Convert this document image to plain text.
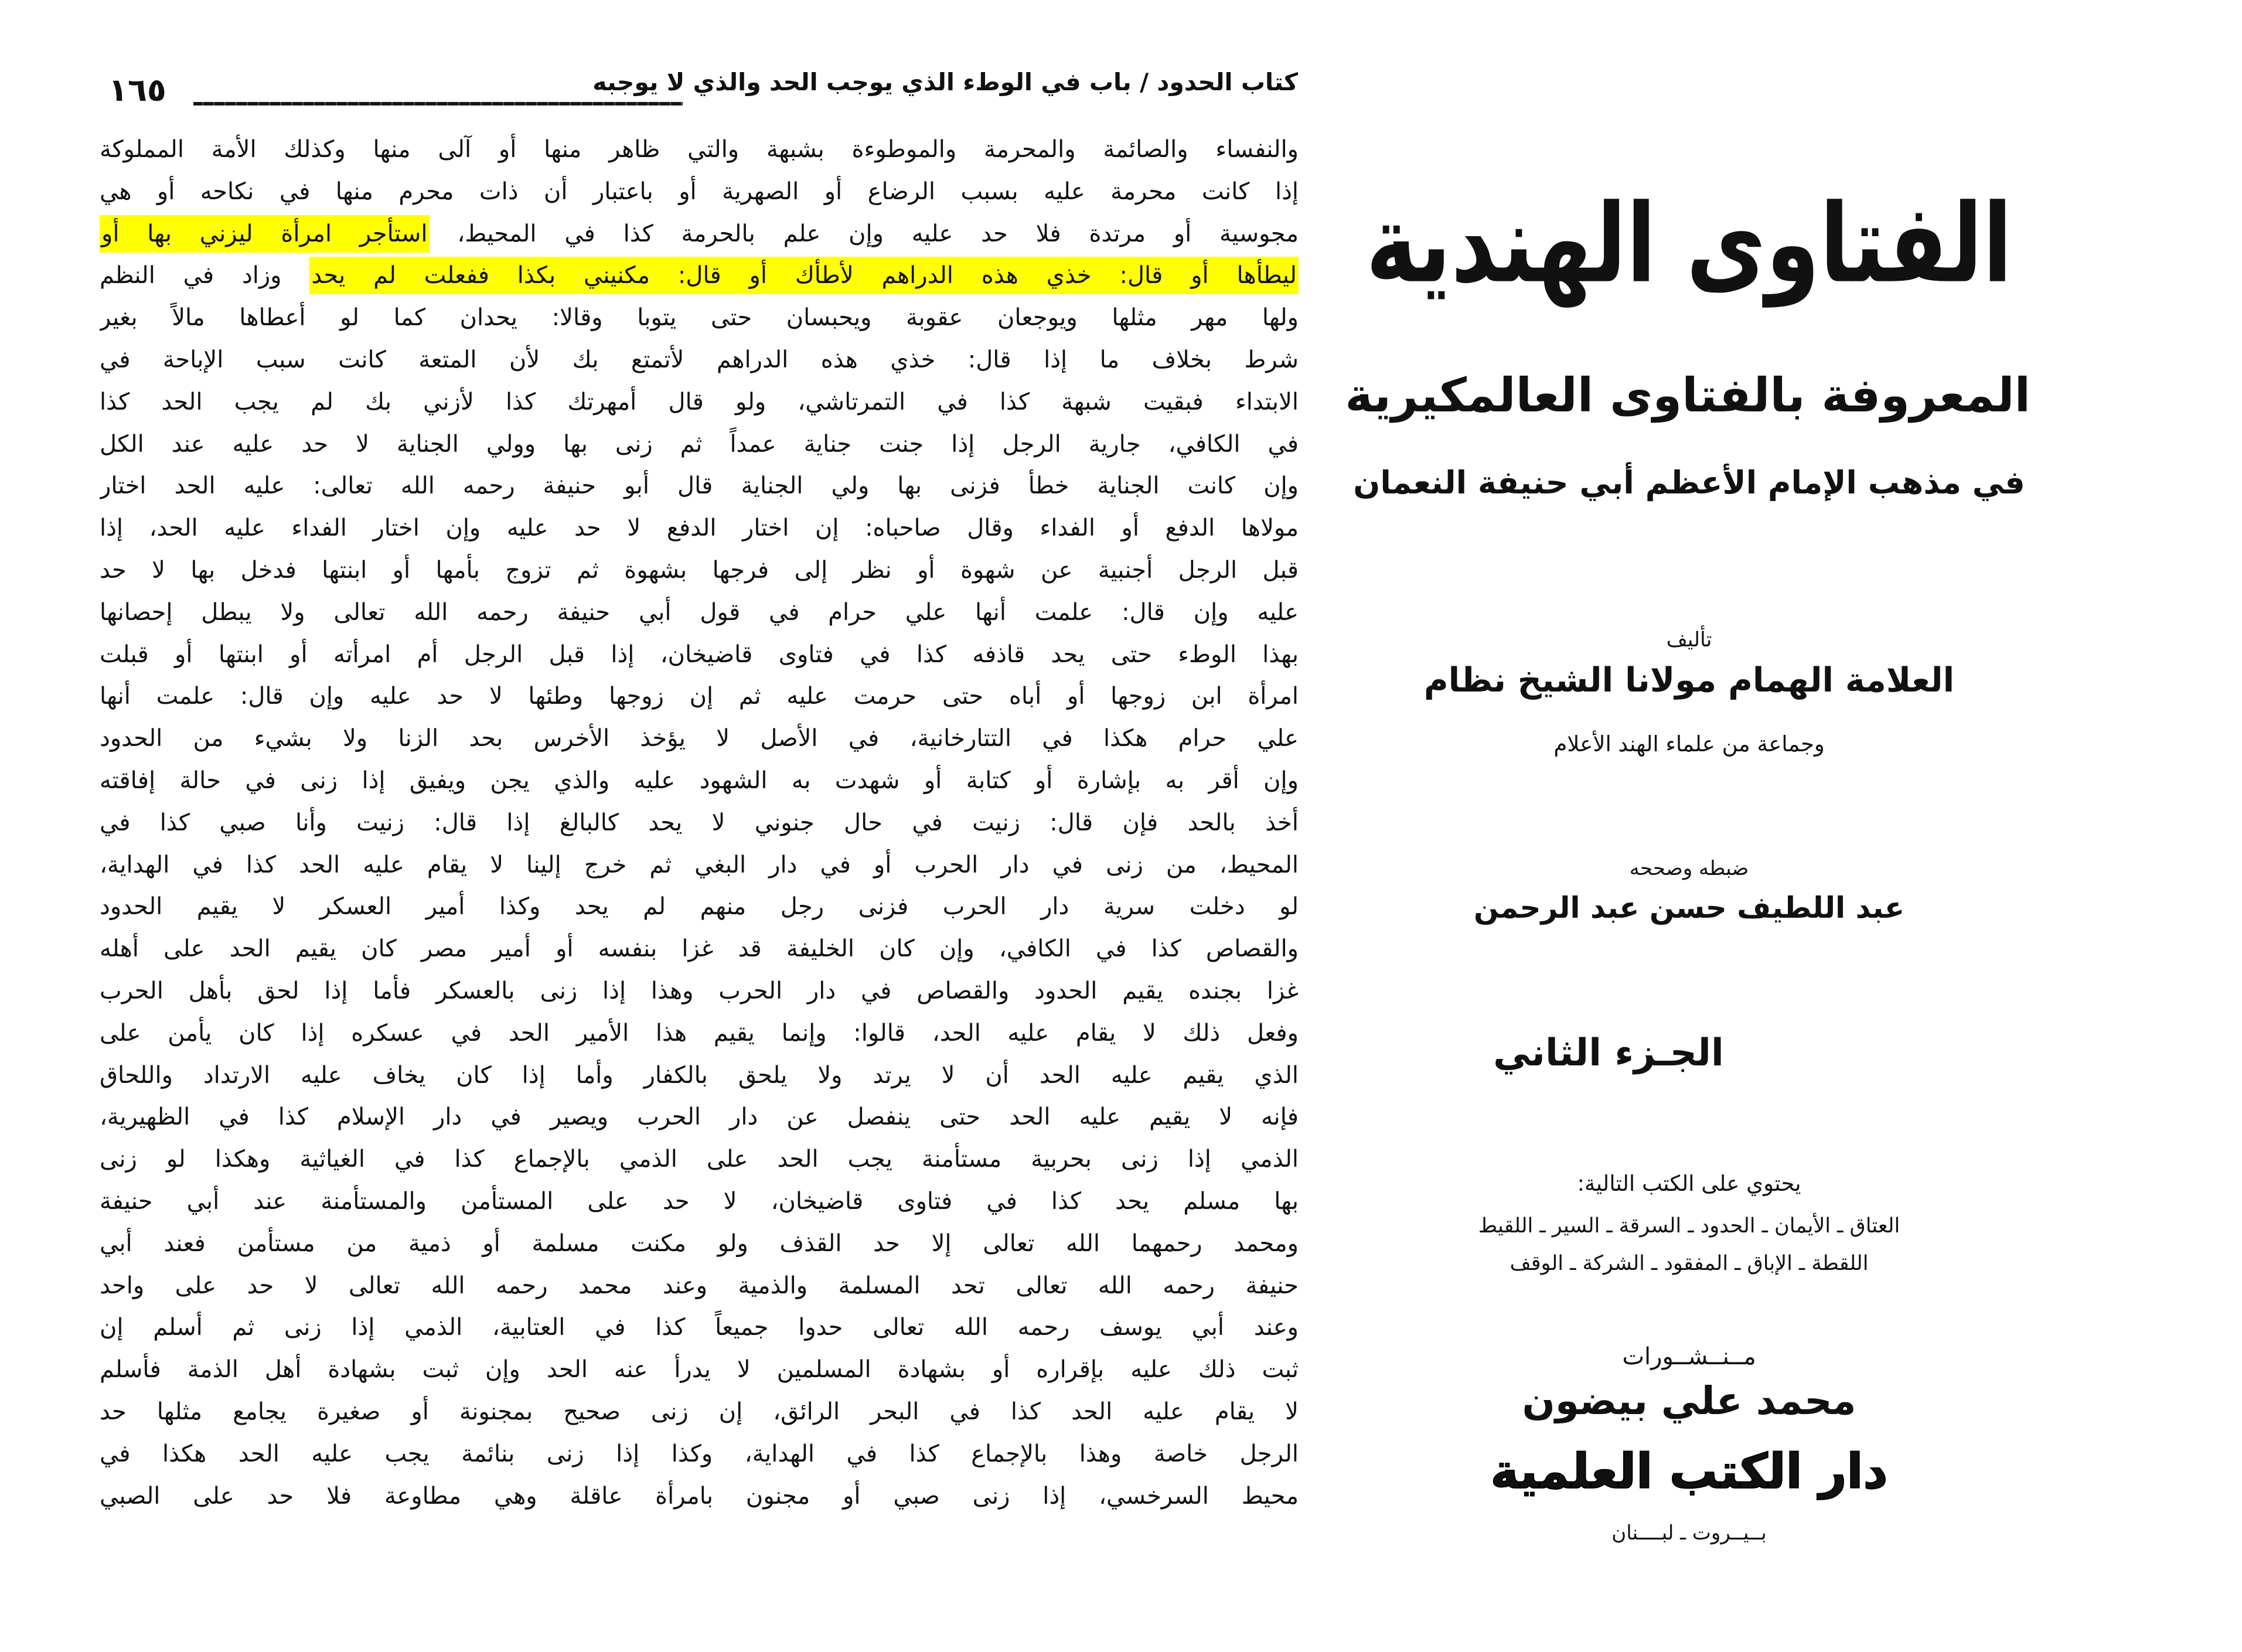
١٦٥	كتاب الحدود / باب في الوطء الذي يوجب الحد والذي لا يوجبه
والنفساء والصائمة والمحرمة والموطوءة بشبهة والتي ظاهر منها أو آلى منها وكذلك الأمة المملوكة
إذا كانت محرمة عليه بسبب الرضاع أو الصهرية أو باعتبار أن ذات محرم منها في نكاحه أو هي
مجوسية أو مرتدة فلا حد عليه وإن علم بالحرمة كذا في المحيط، استأجر امرأة ليزني بها أو
ليطأها أو قال: خذي هذه الدراهم لأطأك أو قال: مكنيني بكذا ففعلت لم يحد وزاد في النظم
ولها مهر مثلها ويوجعان عقوبة ويحبسان حتى يتوبا وقالا: يحدان كما لو أعطاها مالاً بغير
شرط بخلاف ما إذا قال: خذي هذه الدراهم لأتمتع بك لأن المتعة كانت سبب الإباحة في
الابتداء فبقيت شبهة كذا في التمرتاشي، ولو قال أمهرتك كذا لأزني بك لم يجب الحد كذا
في الكافي، جارية الرجل إذا جنت جناية عمداً ثم زنى بها وولي الجناية لا حد عليه عند الكل
وإن كانت الجناية خطأ فزنى بها ولي الجناية قال أبو حنيفة رحمه الله تعالى: عليه الحد اختار
مولاها الدفع أو الفداء وقال صاحباه: إن اختار الدفع لا حد عليه وإن اختار الفداء عليه الحد، إذا
قبل الرجل أجنبية عن شهوة أو نظر إلى فرجها بشهوة ثم تزوج بأمها أو ابنتها فدخل بها لا حد
عليه وإن قال: علمت أنها علي حرام في قول أبي حنيفة رحمه الله تعالى ولا يبطل إحصانها
بهذا الوطء حتى يحد قاذفه كذا في فتاوى قاضيخان، إذا قبل الرجل أم امرأته أو ابنتها أو قبلت
امرأة ابن زوجها أو أباه حتى حرمت عليه ثم إن زوجها وطئها لا حد عليه وإن قال: علمت أنها
علي حرام هكذا في التتارخانية، في الأصل لا يؤخذ الأخرس بحد الزنا ولا بشيء من الحدود
وإن أقر به بإشارة أو كتابة أو شهدت به الشهود عليه والذي يجن ويفيق إذا زنى في حالة إفاقته
أخذ بالحد فإن قال: زنيت في حال جنوني لا يحد كالبالغ إذا قال: زنيت وأنا صبي كذا في
المحيط، من زنى في دار الحرب أو في دار البغي ثم خرج إلينا لا يقام عليه الحد كذا في الهداية،
لو دخلت سرية دار الحرب فزنى رجل منهم لم يحد وكذا أمير العسكر لا يقيم الحدود
والقصاص كذا في الكافي، وإن كان الخليفة قد غزا بنفسه أو أمير مصر كان يقيم الحد على أهله
غزا بجنده يقيم الحدود والقصاص في دار الحرب وهذا إذا زنى بالعسكر فأما إذا لحق بأهل الحرب
وفعل ذلك لا يقام عليه الحد، قالوا: وإنما يقيم هذا الأمير الحد في عسكره إذا كان يأمن على
الذي يقيم عليه الحد أن لا يرتد ولا يلحق بالكفار وأما إذا كان يخاف عليه الارتداد واللحاق
فإنه لا يقيم عليه الحد حتى ينفصل عن دار الحرب ويصير في دار الإسلام كذا في الظهيرية،
الذمي إذا زنى بحربية مستأمنة يجب الحد على الذمي بالإجماع كذا في الغياثية وهكذا لو زنى
بها مسلم يحد كذا في فتاوى قاضيخان، لا حد على المستأمن والمستأمنة عند أبي حنيفة
ومحمد رحمهما الله تعالى إلا حد القذف ولو مكنت مسلمة أو ذمية من مستأمن فعند أبي
حنيفة رحمه الله تعالى تحد المسلمة والذمية وعند محمد رحمه الله تعالى لا حد على واحد
وعند أبي يوسف رحمه الله تعالى حدوا جميعاً كذا في العتابية، الذمي إذا زنى ثم أسلم إن
ثبت ذلك عليه بإقراره أو بشهادة المسلمين لا يدرأ عنه الحد وإن ثبت بشهادة أهل الذمة فأسلم
لا يقام عليه الحد كذا في البحر الرائق، إن زنى صحيح بمجنونة أو صغيرة يجامع مثلها حد
الرجل خاصة وهذا بالإجماع كذا في الهداية، وكذا إذا زنى بنائمة يجب عليه الحد هكذا في
محيط السرخسي، إذا زنى صبي أو مجنون بامرأة عاقلة وهي مطاوعة فلا حد على الصبي
الفتاوى الهندية
المعروفة بالفتاوى العالمكيرية
في مذهب الإمام الأعظم أبي حنيفة النعمان
تأليف
العلامة الهمام مولانا الشيخ نظام
وجماعة من علماء الهند الأعلام
ضبطه وصححه
عبد اللطيف حسن عبد الرحمن
الجـزء الثاني
يحتوي على الكتب التالية:
العتاق ـ الأيمان ـ الحدود ـ السرقة ـ السير ـ اللقيط
اللقطة ـ الإباق ـ المفقود ـ الشركة ـ الوقف
مــنــشــورات
محمد علي بيضون
دار الكتب العلمية
بــيــروت ـ لبــــنان
